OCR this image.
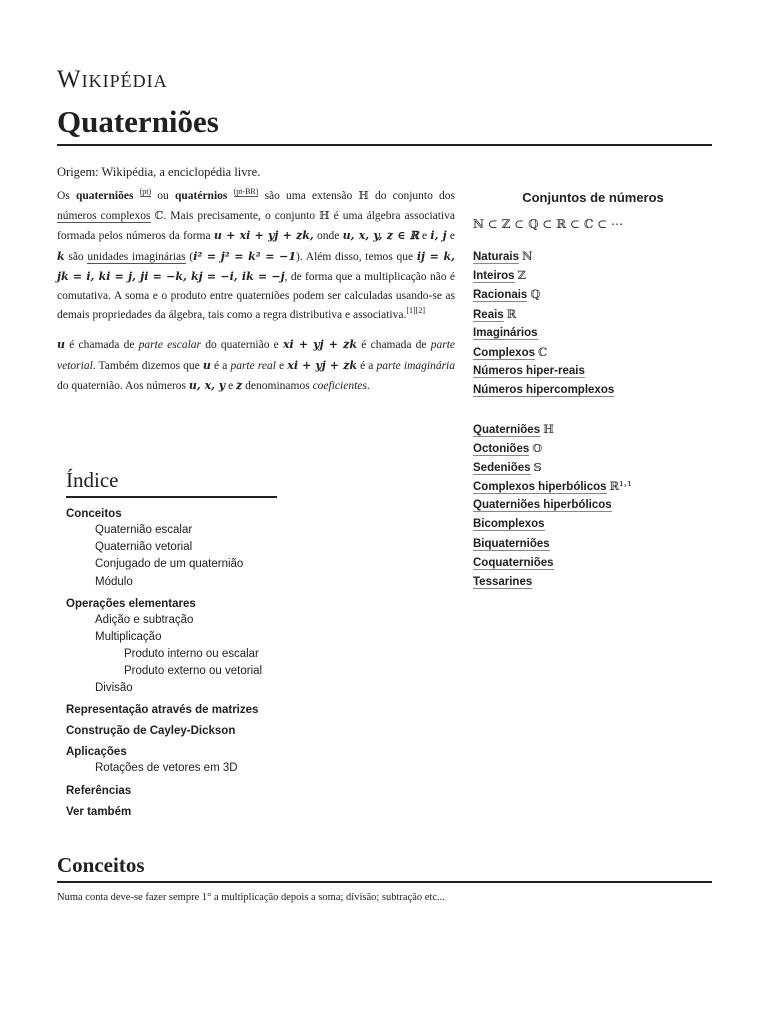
Wikipédia
Quaterniões
Origem: Wikipédia, a enciclopédia livre.

Os quaterniões $^{(pt)}$ ou quatérnios $^{(pt-BR)}$ são uma extensão ℍ do conjunto dos números complexos ℂ. Mais precisamente, o conjunto ℍ é uma álgebra associativa formada pelos números da forma u + xi + yj + zk, onde u, x, y, z ∈ ℝ e i, j e k são unidades imaginárias (i² = j² = k² = −1). Além disso, temos que ij = k, jk = i, ki = j, ji = −k, kj = −i, ik = −j, de forma que a multiplicação não é comutativa. A soma e o produto entre quaterniões podem ser calculadas usando-se as demais propriedades da álgebra, tais como a regra distributiva e associativa.[1][2]

u é chamada de parte escalar do quaternião e xi + yj + zk é chamada de parte vetorial. Também dizemos que u é a parte real e xi + yj + zk é a parte imaginária do quaternião. Aos números u, x, y e z denominamos coeficientes.

Conjuntos de números
ℕ ⊂ ℤ ⊂ ℚ ⊂ ℝ ⊂ ℂ ⊂ ⋯
Naturais ℕ
Inteiros ℤ
Racionais ℚ
Reais ℝ
Imaginários
Complexos ℂ
Números hiper-reais
Números hipercomplexos
Quaterniões ℍ
Octoniões 𝕆
Sedeniões 𝕊
Complexos hiperbólicos ℝ¹˒¹
Quaterniões hiperbólicos
Bicomplexos
Biquaterniões
Coquaterniões
Tessarines
Índice
Conceitos
Quaternião escalar
Quaternião vetorial
Conjugado de um quaternião
Módulo
Operações elementares
Adição e subtração
Multiplicação
Produto interno ou escalar
Produto externo ou vetorial
Divisão
Representação através de matrizes
Construção de Cayley-Dickson
Aplicações
Rotações de vetores em 3D
Referências
Ver também
Conceitos
Numa conta deve-se fazer sempre 1° a multiplicação depois a soma; divisão; subtração etc...
